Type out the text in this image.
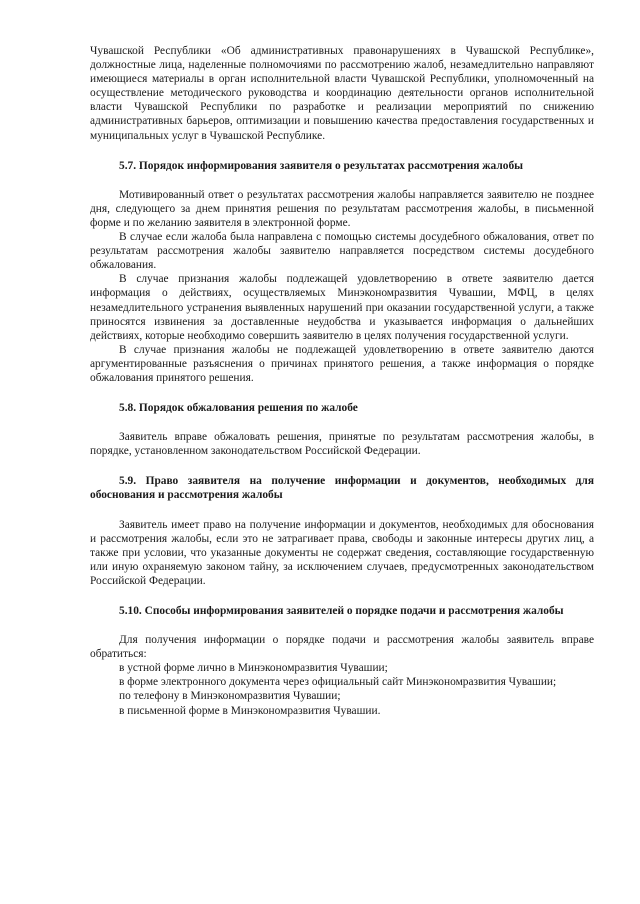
Чувашской Республики «Об административных правонарушениях в Чувашской Республике», должностные лица, наделенные полномочиями по рассмотрению жалоб, незамедлительно направляют имеющиеся материалы в орган исполнительной власти Чувашской Республики, уполномоченный на осуществление методического руководства и координацию деятельности органов исполнительной власти Чувашской Республики по разработке и реализации мероприятий по снижению административных барьеров, оптимизации и повышению качества предоставления государственных и муниципальных услуг в Чувашской Республике.

5.7. Порядок информирования заявителя о результатах рассмотрения жалобы

Мотивированный ответ о результатах рассмотрения жалобы направляется заявителю не позднее дня, следующего за днем принятия решения по результатам рассмотрения жалобы, в письменной форме и по желанию заявителя в электронной форме.

В случае если жалоба была направлена с помощью системы досудебного обжалования, ответ по результатам рассмотрения жалобы заявителю направляется посредством системы досудебного обжалования.

В случае признания жалобы подлежащей удовлетворению в ответе заявителю дается информация о действиях, осуществляемых Минэкономразвития Чувашии, МФЦ, в целях незамедлительного устранения выявленных нарушений при оказании государственной услуги, а также приносятся извинения за доставленные неудобства и указывается информация о дальнейших действиях, которые необходимо совершить заявителю в целях получения государственной услуги.

В случае признания жалобы не подлежащей удовлетворению в ответе заявителю даются аргументированные разъяснения о причинах принятого решения, а также информация о порядке обжалования принятого решения.

5.8. Порядок обжалования решения по жалобе

Заявитель вправе обжаловать решения, принятые по результатам рассмотрения жалобы, в порядке, установленном законодательством Российской Федерации.

5.9. Право заявителя на получение информации и документов, необходимых для обоснования и рассмотрения жалобы

Заявитель имеет право на получение информации и документов, необходимых для обоснования и рассмотрения жалобы, если это не затрагивает права, свободы и законные интересы других лиц, а также при условии, что указанные документы не содержат сведения, составляющие государственную или иную охраняемую законом тайну, за исключением случаев, предусмотренных законодательством Российской Федерации.

5.10. Способы информирования заявителей о порядке подачи и рассмотрения жалобы

Для получения информации о порядке подачи и рассмотрения жалобы заявитель вправе обратиться:

в устной форме лично в Минэкономразвития Чувашии;

в форме электронного документа через официальный сайт Минэкономразвития Чувашии;

по телефону в Минэкономразвития Чувашии;

в письменной форме в Минэкономразвития Чувашии.
